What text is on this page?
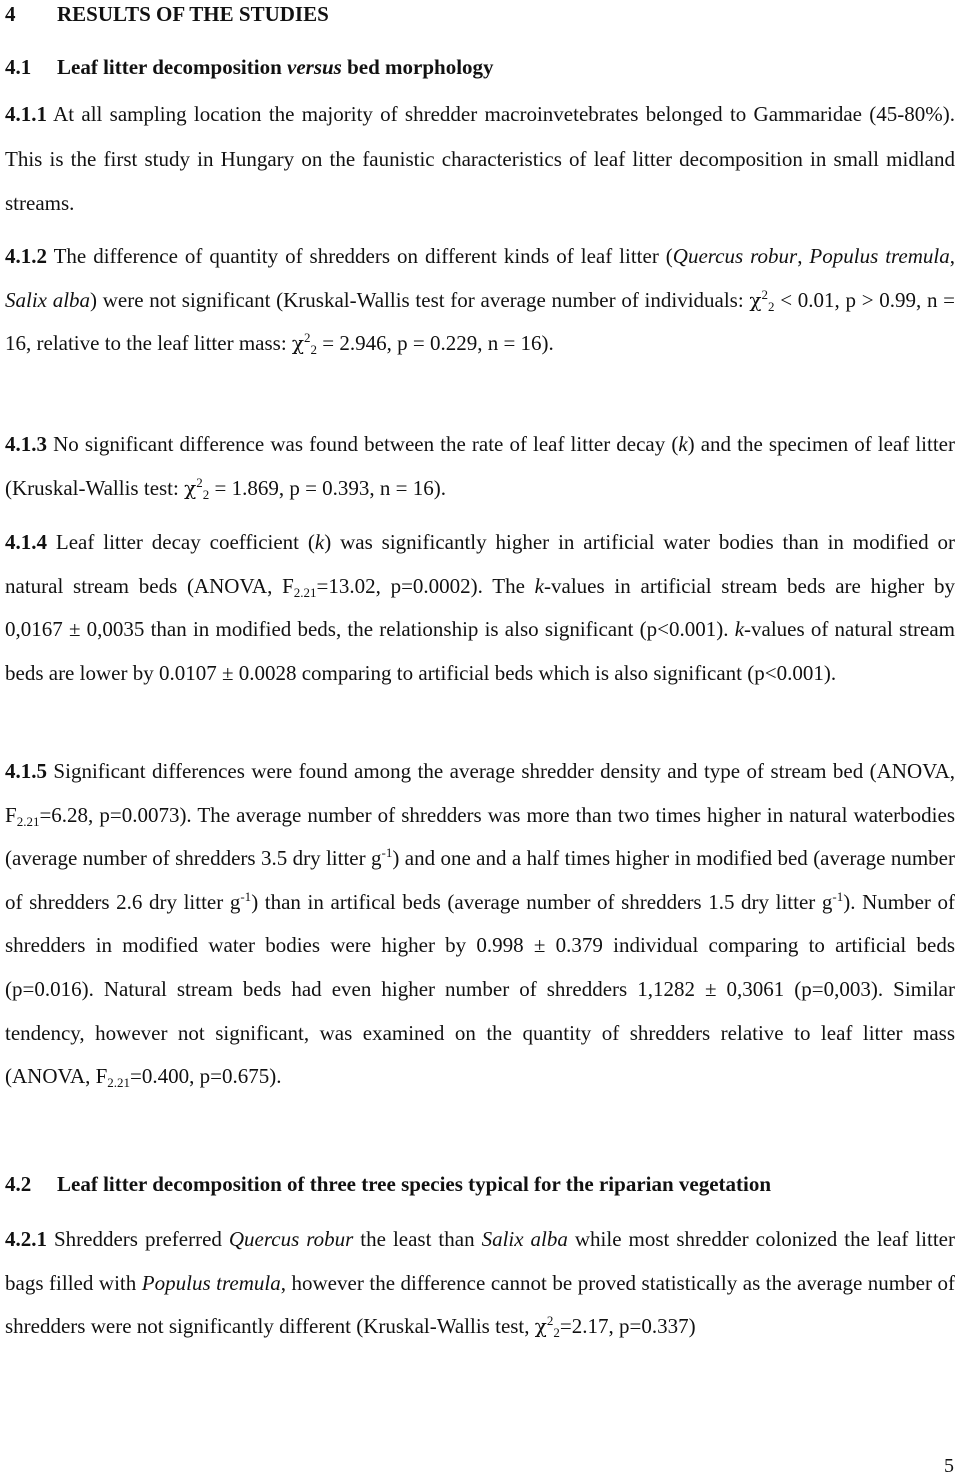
4 RESULTS OF THE STUDIES
4.1 Leaf litter decomposition versus bed morphology

4.1.1 At all sampling location the majority of shredder macroinvetebrates belonged to Gammaridae (45-80%). This is the first study in Hungary on the faunistic characteristics of leaf litter decomposition in small midland streams.

4.1.2 The difference of quantity of shredders on different kinds of leaf litter (Quercus robur, Populus tremula, Salix alba) were not significant (Kruskal-Wallis test for average number of individuals: $\chi^2_2 < 0.01$, p > 0.99, n = 16, relative to the leaf litter mass: $\chi^2_2 = 2.946$, p = 0.229, n = 16).

4.1.3 No significant difference was found between the rate of leaf litter decay (k) and the specimen of leaf litter (Kruskal-Wallis test: $\chi^2_2 = 1.869$, p = 0.393, n = 16).

4.1.4 Leaf litter decay coefficient (k) was significantly higher in artificial water bodies than in modified or natural stream beds (ANOVA, $F_{2.21}=13.02$, p=0.0002). The k-values in artificial stream beds are higher by 0,0167 ± 0,0035 than in modified beds, the relationship is also significant (p<0.001). k-values of natural stream beds are lower by 0.0107 ± 0.0028 comparing to artificial beds which is also significant (p<0.001).

4.1.5 Significant differences were found among the average shredder density and type of stream bed (ANOVA, $F_{2.21}=6.28$, p=0.0073). The average number of shredders was more than two times higher in natural waterbodies (average number of shredders 3.5 dry litter $g^{-1}$) and one and a half times higher in modified bed (average number of shredders 2.6 dry litter $g^{-1}$) than in artifical beds (average number of shredders 1.5 dry litter $g^{-1}$). Number of shredders in modified water bodies were higher by 0.998 ± 0.379 individual comparing to artificial beds (p=0.016). Natural stream beds had even higher number of shredders 1,1282 ± 0,3061 (p=0,003). Similar tendency, however not significant, was examined on the quantity of shredders relative to leaf litter mass (ANOVA, $F_{2.21}=0.400$, p=0.675).

4.2 Leaf litter decomposition of three tree species typical for the riparian vegetation

4.2.1 Shredders preferred Quercus robur the least than Salix alba while most shredder colonized the leaf litter bags filled with Populus tremula, however the difference cannot be proved statistically as the average number of shredders were not significantly different (Kruskal-Wallis test, $\chi^2_2=2.17$, p=0.337)

5
